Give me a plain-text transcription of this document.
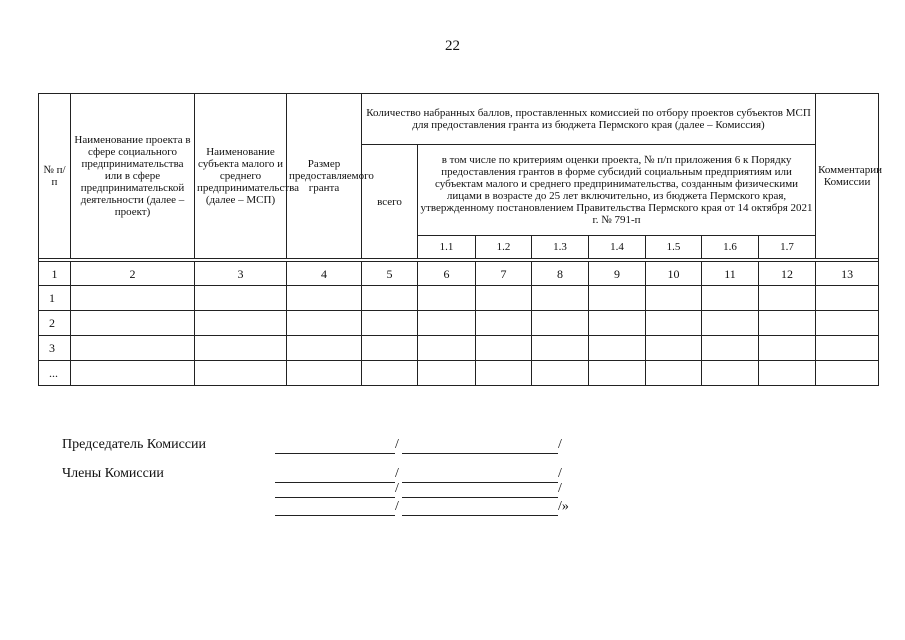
22
№ п/п	Наименование проекта в сфере социального предпринимательства или в сфере предпринимательской деятельности (далее – проект)	Наименование субъекта малого и среднего предпринимательства (далее – МСП)	Размер предоставляемого гранта	Количество набранных баллов, проставленных комиссией по отбору проектов субъектов МСП для предоставления гранта из бюджета Пермского края (далее – Комиссия)								Комментарии Комиссии
				всего	в том числе по критериям оценки проекта, № п/п приложения 6 к Порядку предоставления грантов в форме субсидий социальным предприятиям или субъектам малого и среднего предпринимательства, созданным физическими лицами в возрасте до 25 лет включительно, из бюджета Пермского края, утвержденному постановлением Правительства Пермского края от 14 октября 2021 г. № 791-п							
					1.1	1.2	1.3	1.4	1.5	1.6	1.7	

1	2	3	4	5	6	7	8	9	10	11	12	13
1												
2												
3												
...												
Председатель Комиссии	/	/
Члены Комиссии	/	/
/	/
/	/»
